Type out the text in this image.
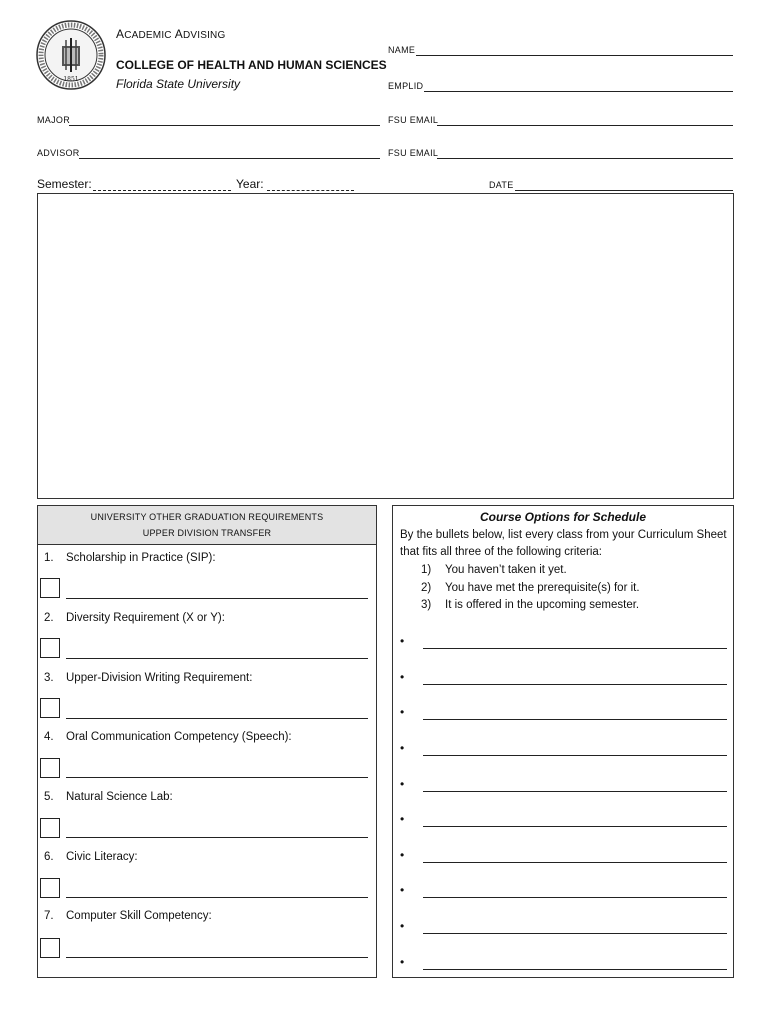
1851
ACADEMIC ADVISING
COLLEGE OF HEALTH AND HUMAN SCIENCES
Florida State University
NAME
EMPLID
MAJOR	FSU EMAIL
ADVISOR	FSU EMAIL
Semester:	Year:	DATE
UNIVERSITY OTHER GRADUATION REQUIREMENTS
UPPER DIVISION TRANSFER
1. Scholarship in Practice (SIP):
2. Diversity Requirement (X or Y):
3. Upper-Division Writing Requirement:
4. Oral Communication Competency (Speech):
5. Natural Science Lab:
6. Civic Literacy:
7. Computer Skill Competency:
Course Options for Schedule
By the bullets below, list every class from your Curriculum Sheet that fits all three of the following criteria:
1) You haven’t taken it yet.
2) You have met the prerequisite(s) for it.
3) It is offered in the upcoming semester.
•
•
•
•
•
•
•
•
•
•
